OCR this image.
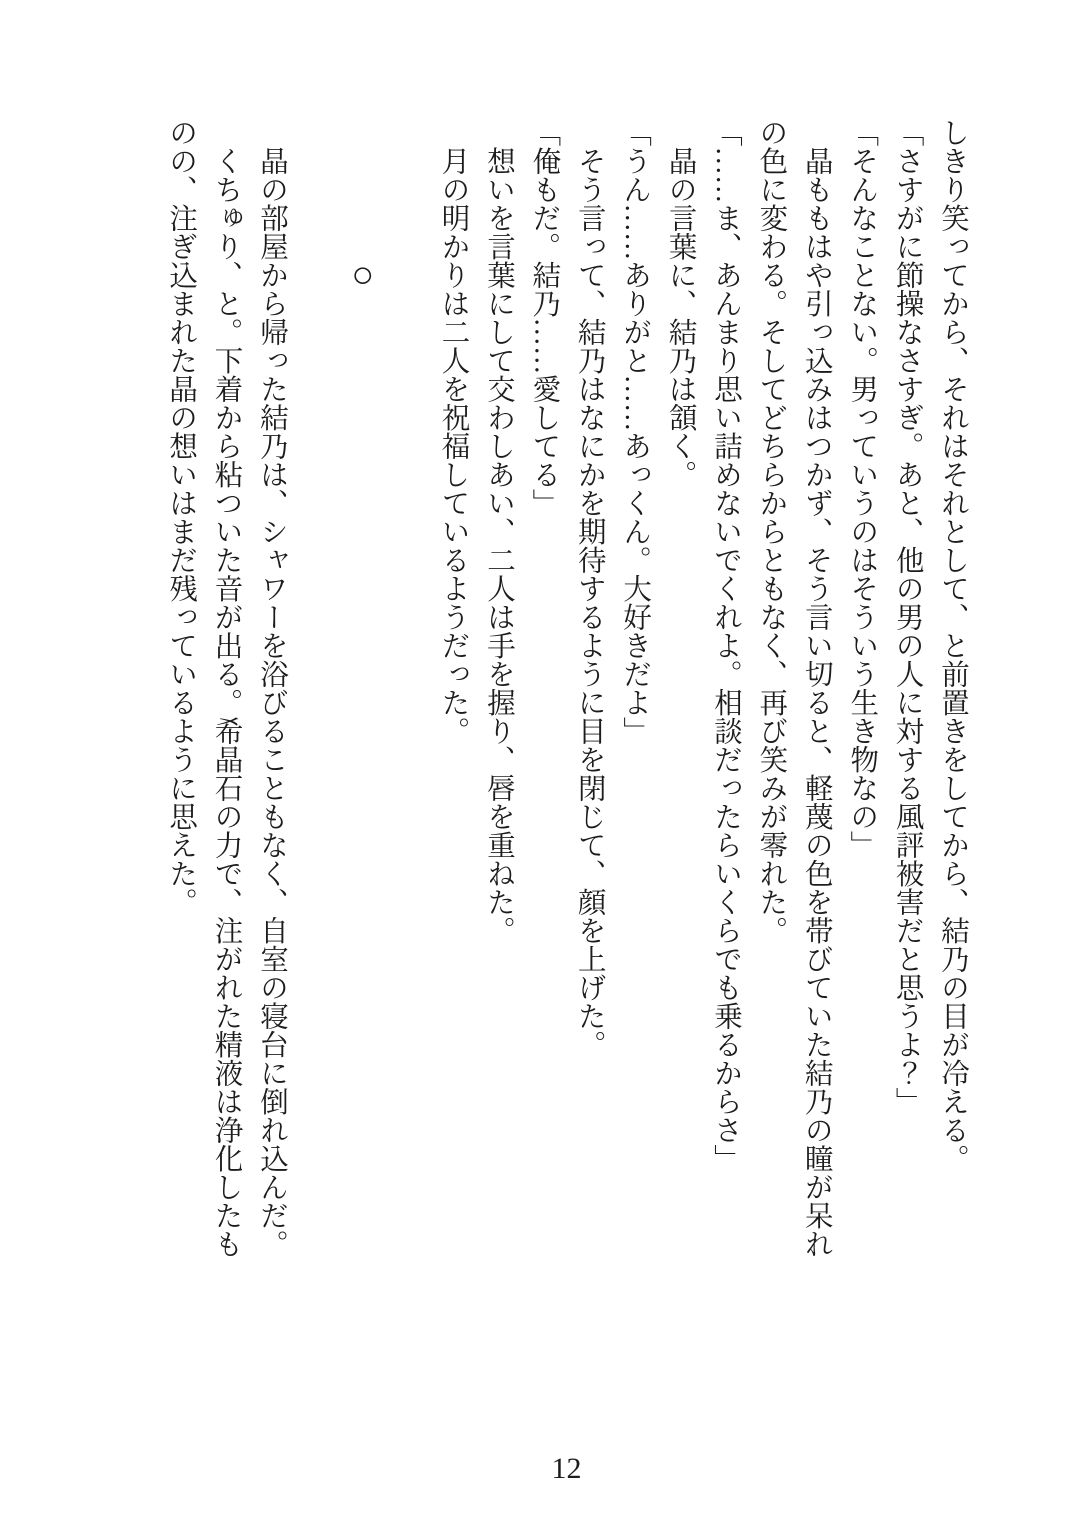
しきり笑ってから、それはそれとして、と前置きをしてから、結乃の目が冷える。

「さすがに節操なさすぎ。あと、他の男の人に対する風評被害だと思うよ？」

「そんなことない。男っていうのはそういう生き物なの」

　晶ももはや引っ込みはつかず、そう言い切ると、軽蔑の色を帯びていた結乃の瞳が呆れ

の色に変わる。そしてどちらからともなく、再び笑みが零れた。

「……ま、あんまり思い詰めないでくれよ。相談だったらいくらでも乗るからさ」

　晶の言葉に、結乃は頷く。

「うん……ありがと……あっくん。大好きだよ」

　そう言って、結乃はなにかを期待するように目を閉じて、顔を上げた。

「俺もだ。結乃……愛してる」

　想いを言葉にして交わしあい、二人は手を握り、唇を重ねた。

　月の明かりは二人を祝福しているようだった。

○

　晶の部屋から帰った結乃は、シャワーを浴びることもなく、自室の寝台に倒れ込んだ。

　くちゅり、と。下着から粘ついた音が出る。希晶石の力で、注がれた精液は浄化したも

のの、注ぎ込まれた晶の想いはまだ残っているように思えた。

12
